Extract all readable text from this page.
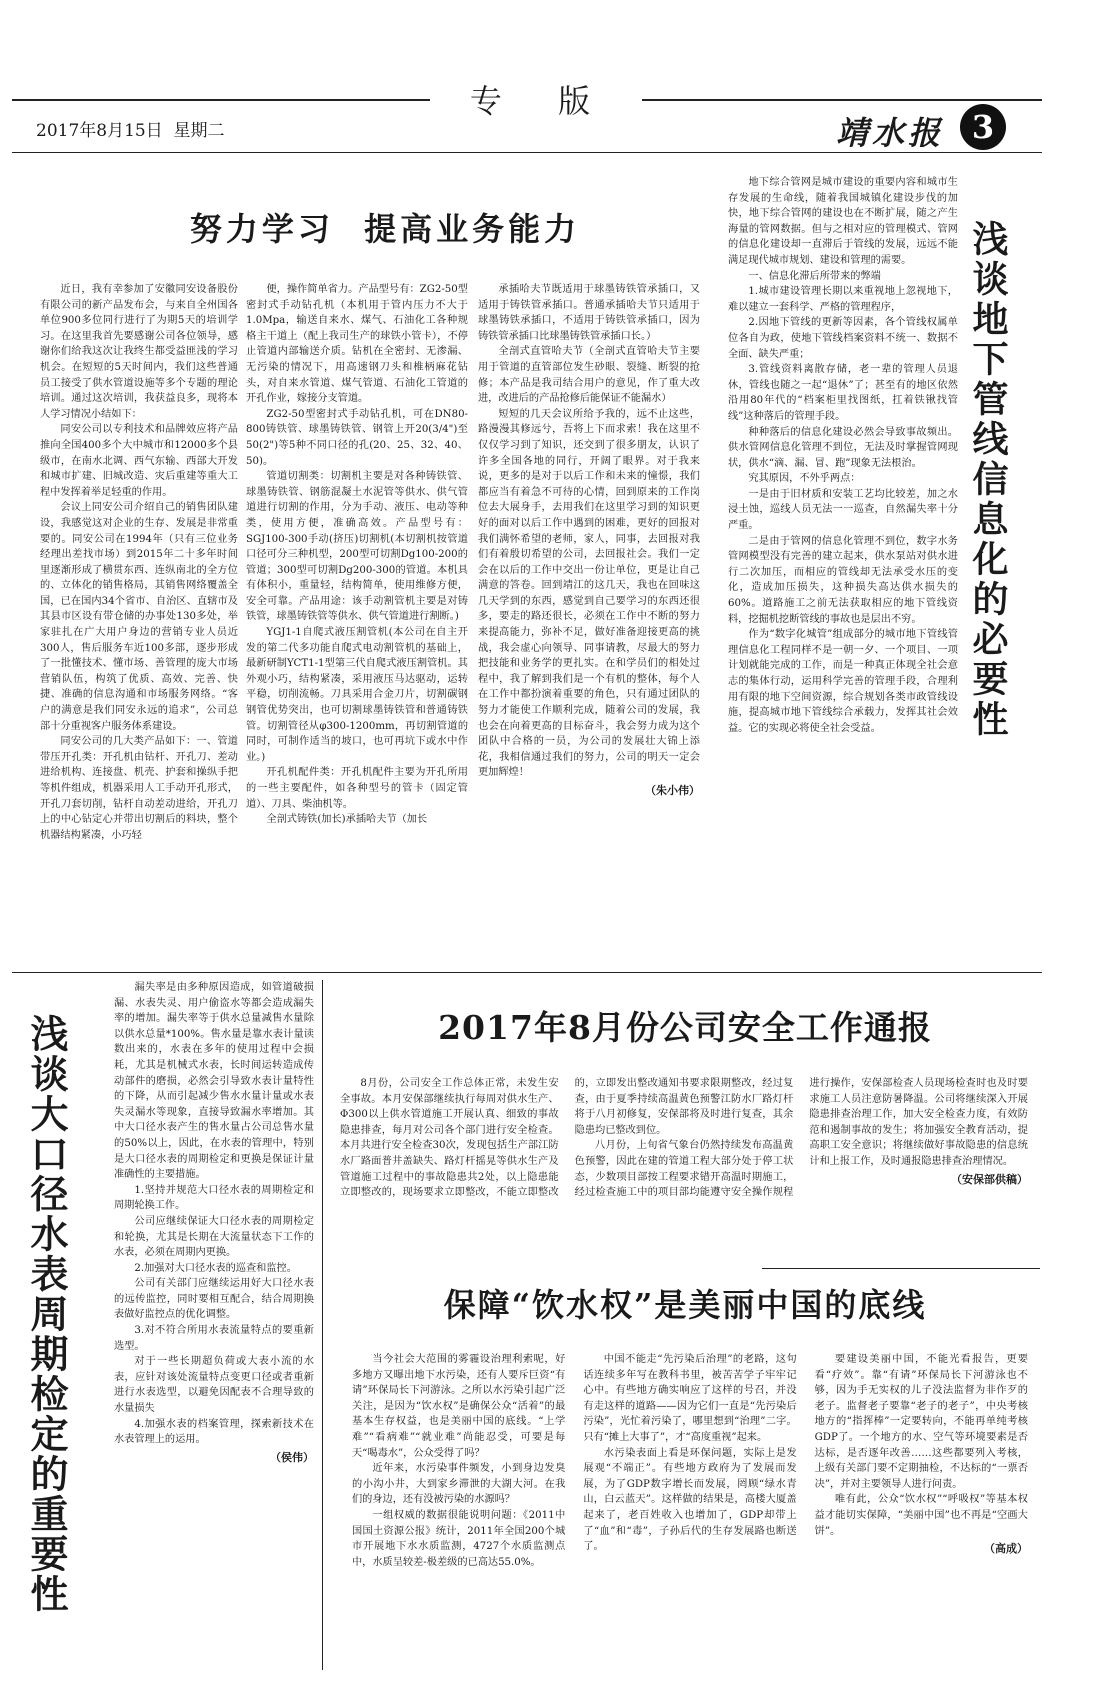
专  版
2017年8月15日  星期二	靖水报 3
努力学习  提高业务能力

近日，我有幸参加了安徽同安设备股份有限公司的新产品发布会，与来自全州国各单位900多位同行进行了为期5天的培训学习。在这里我首先要感谢公司各位领导，感谢你们给我这次让我终生都受益匪浅的学习机会。在短短的5天时间内，我们这些普通员工接受了供水管道设施等多个专题的理论培训。通过这次培训，我获益良多，现将本人学习情况小结如下：

同安公司以专利技术和品牌效应将产品推向全国400多个大中城市和12000多个县级市，在南水北调、西气东输、西部大开发和城市扩建、旧城改造、灾后重建等重大工程中发挥着举足轻重的作用。

会议上同安公司介绍自己的销售团队建设，我感觉这对企业的生存、发展是非常重要的。同安公司在1994年（只有三位业务经理出差找市场）到2015年二十多年时间里逐渐形成了横贯东西、连纵南北的全方位的、立体化的销售格局，其销售网络覆盖全国，已在国内34个省市、自治区、直辖市及其县市区设有带仓储的办事处130多处，举家驻扎在广大用户身边的营销专业人员近300人，售后服务车近100多部，逐步形成了一批懂技术、懂市场、善管理的庞大市场营销队伍，构筑了优质、高效、完善、快捷、准确的信息沟通和市场服务网络。“客户的满意是我们同安永远的追求”，公司总部十分重视客户服务体系建设。

同安公司的几大类产品如下：一、管道带压开孔类：开孔机由钻杆、开孔刀、差动进给机构、连接盘、机壳、护套和操纵手把等机件组成，机器采用人工手动开孔形式，开孔刀套切削，钻杆自动差动进给，开孔刀上的中心钻定心并带出切割后的料块，整个机器结构紧凑，小巧轻

便，操作简单省力。产品型号有：ZG2-50型密封式手动钻孔机（本机用于管内压力不大于1.0Mpa，输送自来水、煤气、石油化工各种规格主干道上（配上我司生产的球铁小管卡），不停止管道内部输送介质。钻机在全密封、无渗漏、无污染的情况下，用高速钢刀头和椎柄麻花钻头，对自来水管道、煤气管道、石油化工管道的开孔作业，嫁接分支管道。

ZG2-50型密封式手动钻孔机，可在DN80-800铸铁管、球墨铸铁管、钢管上开20(3/4")至50(2")等5种不同口径的孔(20、25、32、40、50)。

管道切割类：切割机主要是对各种铸铁管、球墨铸铁管、钢筋混凝土水泥管等供水、供气管道进行切割的作用，分为手动、液压、电动等种类，使用方便，准确高效。产品型号有：SGJ100-300手动(挤压)切割机(本切割机按管道口径可分三种机型，200型可切割Dg100-200的管道；300型可切割Dg200-300的管道。本机具有体积小，重量轻，结构简单，使用维修方便，安全可靠。产品用途：该手动割管机主要是对铸铁管，球墨铸铁管等供水、供气管道进行割断。)

YGJ1-1自爬式液压割管机(本公司在自主开发的第二代多功能自爬式电动割管机的基础上，最新研制YCT1-1型第三代自爬式液压割管机。其外观小巧，结构紧凑，采用液压马达驱动，运转平稳，切削流畅。刀具采用合金刀片，切割碳钢钢管优势突出，也可切割球墨铸铁管和普通铸铁管。切割管径从φ300-1200mm，再切割管道的同时，可制作适当的坡口，也可再坑下或水中作业。)

开孔机配件类：开孔机配件主要为开孔所用的一些主要配件，如各种型号的管卡（固定管道）、刀具、柴油机等。

全剖式铸铁(加长)承插哈夫节（加长

承插哈夫节既适用于球墨铸铁管承插口，又适用于铸铁管承插口。普通承插哈夫节只适用于球墨铸铁承插口，不适用于铸铁管承插口，因为铸铁管承插口比球墨铸铁管承插口长。）

全剖式直管哈夫节（全剖式直管哈夫节主要用于管道的直管部位发生砂眼、裂缝、断裂的抢修；本产品是我司结合用户的意见，作了重大改进，改进后的产品抢修后能保证不能漏水）

短短的几天会议所给予我的，远不止这些，路漫漫其修远兮，吾将上下而求索！我在这里不仅仅学习到了知识，还交到了很多朋友，认识了许多全国各地的同行，开阔了眼界。对于我来说，更多的是对于以后工作和未来的憧憬，我们都应当有着急不可待的心情，回到原来的工作岗位去大展身手，去用我们在这里学习到的知识更好的面对以后工作中遇到的困难，更好的回报对我们满怀希望的老师，家人，同事，去回报对我们有着殷切希望的公司，去回报社会。我们一定会在以后的工作中交出一份让单位，更是让自己满意的答卷。回到靖江的这几天，我也在回味这几天学到的东西，感觉到自己要学习的东西还很多，要走的路还很长，必须在工作中不断的努力来提高能力，弥补不足，做好准备迎接更高的挑战，我会虚心向领导、同事请教，尽最大的努力把技能和业务学的更扎实。在和学员们的相处过程中，我了解到我们是一个有机的整体，每个人在工作中都扮演着重要的角色，只有通过团队的努力才能使工作顺利完成，随着公司的发展，我也会在向着更高的目标奋斗，我会努力成为这个团队中合格的一员，为公司的发展壮大锦上添花，我相信通过我们的努力，公司的明天一定会更加辉煌！

（朱小伟）

地下综合管网是城市建设的重要内容和城市生存发展的生命线，随着我国城镇化建设步伐的加快，地下综合管网的建设也在不断扩展，随之产生海量的管网数据。但与之相对应的管理模式、管网的信息化建设却一直滞后于管线的发展，远远不能满足现代城市规划、建设和管理的需要。

一、信息化滞后所带来的弊端

1.城市建设管理长期以来重视地上忽视地下，难以建立一套科学、严格的管理程序，

2.因地下管线的更新等因素，各个管线权属单位各自为政，使地下管线档案资料不统一、数据不全面、缺失严重；

3.管线资料离散存储，老一辈的管理人员退休，管线也随之一起“退休”了；甚至有的地区依然沿用80年代的“档案柜里找图纸，扛着铁锹找管线”这种落后的管理手段。

种种落后的信息化建设必然会导致事故频出。供水管网信息化管理不到位，无法及时掌握管网现状，供水“滴、漏、冒、跑”现象无法根治。

究其原因，不外乎两点：

一是由于旧材质和安装工艺均比较差，加之水浸土蚀，巡线人员无法一一巡查，自然漏失率十分严重。

二是由于管网的信息化管理不到位，数字水务管网模型没有完善的建立起来，供水泵站对供水进行二次加压，而相应的管线却无法承受水压的变化，造成加压损失，这种损失高达供水损失的60%。道路施工之前无法获取相应的地下管线资料，挖掘机挖断管线的事故也是层出不穷。

作为“数字化城管”组成部分的城市地下管线管理信息化工程同样不是一朝一夕、一个项目、一项计划就能完成的工作，而是一种真正体现全社会意志的集体行动，运用科学完善的管理手段，合理利用有限的地下空间资源，综合规划各类市政管线设施，提高城市地下管线综合承载力，发挥其社会效益。它的实现必将使全社会受益。	浅谈地下管线信息化的必要性
浅谈大口径水表周期检定的重要性

漏失率是由多种原因造成，如管道破损漏、水表失灵、用户偷盗水等都会造成漏失率的增加。漏失率等于供水总量减售水量除以供水总量*100%。售水量是靠水表计量读数出来的，水表在多年的使用过程中会损耗，尤其是机械式水表，长时间运转造成传动部件的磨损，必然会引导致水表计量特性的下降，从而引起减少售水水量计量或水表失灵漏水等现象，直接导致漏水率增加。其中大口径水表产生的售水量占公司总售水量的50%以上，因此，在水表的管理中，特别是大口径水表的周期检定和更换是保证计量准确性的主要措施。

1.坚持并规范大口径水表的周期检定和周期轮换工作。

公司应继续保证大口径水表的周期检定和轮换，尤其是长期在大流量状态下工作的水表，必须在周期内更换。

2.加强对大口径水表的巡查和监控。

公司有关部门应继续运用好大口径水表的远传监控，同时要相互配合，结合周期换表做好监控点的优化调整。

3.对不符合所用水表流量特点的要重新选型。

对于一些长期超负荷或大表小流的水表，应针对该处流量特点变更口径或者重新进行水表选型，以避免因配表不合理导致的水量损失

4.加强水表的档案管理，探索新技术在水表管理上的运用。

（侯伟）
2017年8月份公司安全工作通报

8月份，公司安全工作总体正常，未发生安全事故。本月安保部继续执行每周对供水生产、Φ300以上供水管道施工开展认真、细致的事故隐患排查，每月对公司各个部门进行安全检查。本月共进行安全检查30次，发现包括生产部江防水厂路面普井盖缺失、路灯杆摇晃等供水生产及管道施工过程中的事故隐患共2处，以上隐患能立即整改的，现场要求立即整改，不能立即整改的，立即发出整改通知书要求限期整改，经过复查，由于夏季持续高温黄色预警江防水厂路灯杆将于八月初修复，安保部将及时进行复查，其余隐患均已整改到位。

八月份，上旬省气象台仍然持续发布高温黄色预警，因此在建的管道工程大部分处于停工状态，少数项目部按工程要求错开高温时期施工，经过检查施工中的项目部均能遵守安全操作规程进行操作，安保部检查人员现场检查时也及时要求施工人员注意防暑降温。公司将继续深入开展隐患排查治理工作，加大安全检查力度，有效防范和遏制事故的发生；将加强安全教育活动，提高职工安全意识；将继续做好事故隐患的信息统计和上报工作，及时通报隐患排查治理情况。

（安保部供稿）
保障“饮水权”是美丽中国的底线

当今社会大范围的雾霾设治理利索呢，好多地方又曝出地下水污染，还有人要斥巨资“有请”环保局长下河游泳。之所以水污染引起广泛关注，是因为“饮水权”是确保公众“活着”的最基本生存权益，也是美丽中国的底线。“上学难”“看病难”“就业难”尚能忍受，可要是每天“喝毒水”，公众受得了吗？

近年来，水污染事件频发，小到身边发臭的小沟小井，大到家乡滞泄的大湖大河。在我们的身边，还有没被污染的水源吗？

一组权威的数据很能说明问题：《2011中国国土资源公报》统计，2011年全国200个城市开展地下水水质监测，4727个水质监测点中，水质呈较差-极差级的已高达55.0%。

中国不能走“先污染后治理”的老路，这句话连续多年写在教科书里，被苦苦学子牢牢记心中。有些地方确实响应了这样的号召，并没有走这样的道路——因为它们一直是“先污染后污染”，光忙着污染了，哪里想到“治理”二字。只有“摊上大事了”，才“高度重视”起来。

水污染表面上看是环保问题，实际上是发展观“不端正”。有些地方政府为了发展而发展，为了GDP数字增长而发展，罔顾“绿水青山，白云蓝天”。这样做的结果是，高楼大厦盖起来了，老百姓收入也增加了，GDP却带上了“血”和“毒”，子孙后代的生存发展路也断送了。

要建设美丽中国，不能光看报告，更要看“疗效”。靠“有请”环保局长下河游泳也不够，因为手无实权的儿子没法监督为非作歹的老子。监督老子要靠“老子的老子”，中央考核地方的“指挥棒”一定要转向，不能再单纯考核GDP了。一个地方的水、空气等环境要素是否达标，是否逐年改善……这些都要列入考核，上级有关部门要不定期抽检，不达标的“一票否决”，并对主要领导人进行问责。

唯有此，公众“饮水权”“呼吸权”等基本权益才能切实保障，“美丽中国”也不再是“空画大饼”。

（高成）
